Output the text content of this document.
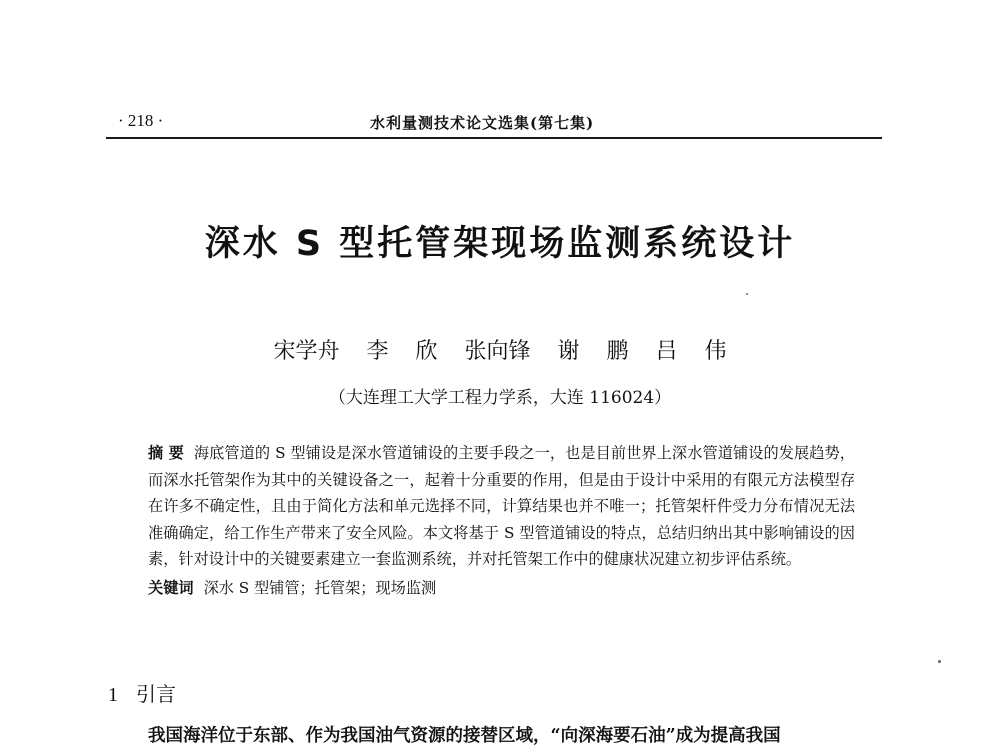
· 218 ·	水利量测技术论文选集(第七集)
深水 S 型托管架现场监测系统设计
宋学舟 李 欣 张向锋 谢 鹏 吕 伟
（大连理工大学工程力学系，大连 116024）

摘 要 海底管道的 S 型铺设是深水管道铺设的主要手段之一，也是目前世界上深水管道铺设的发展趋势，而深水托管架作为其中的关键设备之一，起着十分重要的作用，但是由于设计中采用的有限元方法模型存在许多不确定性，且由于简化方法和单元选择不同，计算结果也并不唯一；托管架杆件受力分布情况无法准确确定，给工作生产带来了安全风险。本文将基于 S 型管道铺设的特点，总结归纳出其中影响铺设的因素，针对设计中的关键要素建立一套监测系统，并对托管架工作中的健康状况建立初步评估系统。

关键词 深水 S 型铺管；托管架；现场监测

1 引言
我国海洋位于东部、作为我国油气资源的接替区域，“向深海要石油”成为提高我国
